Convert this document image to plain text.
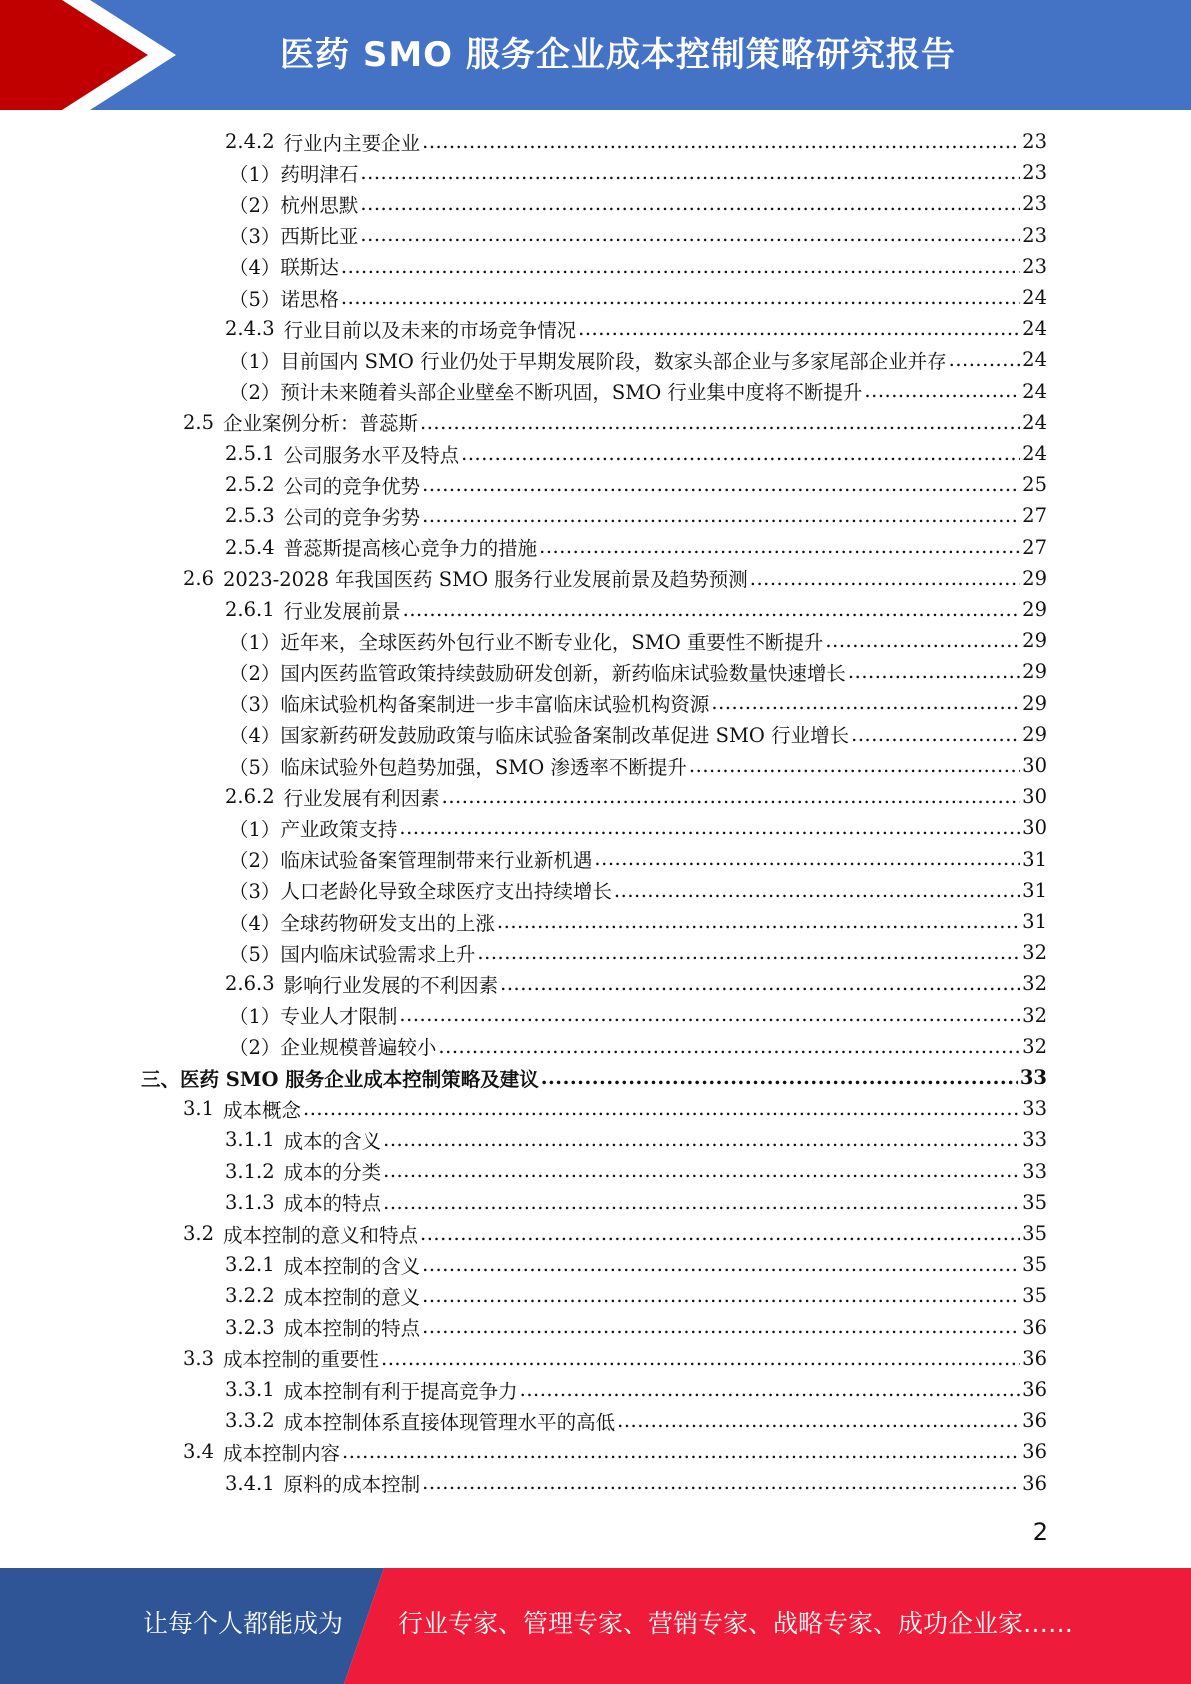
医药 SMO 服务企业成本控制策略研究报告
2.4.2 行业内主要企业 .....	23
（1）药明津石 .....	23
（2）杭州思默 .....	23
（3）西斯比亚 .....	23
（4）联斯达 .....	23
（5）诺思格 .....	24
2.4.3 行业目前以及未来的市场竞争情况 .....	24
（1）目前国内 SMO 行业仍处于早期发展阶段，数家头部企业与多家尾部企业并存 .....	24
（2）预计未来随着头部企业壁垒不断巩固，SMO 行业集中度将不断提升 .....	24
2.5 企业案例分析：普蕊斯 .....	24
2.5.1 公司服务水平及特点 .....	24
2.5.2 公司的竞争优势 .....	25
2.5.3 公司的竞争劣势 .....	27
2.5.4 普蕊斯提高核心竞争力的措施 .....	27
2.6 2023-2028 年我国医药 SMO 服务行业发展前景及趋势预测 .....	29
2.6.1 行业发展前景 .....	29
（1）近年来，全球医药外包行业不断专业化，SMO 重要性不断提升 .....	29
（2）国内医药监管政策持续鼓励研发创新，新药临床试验数量快速增长 .....	29
（3）临床试验机构备案制进一步丰富临床试验机构资源 .....	29
（4）国家新药研发鼓励政策与临床试验备案制改革促进 SMO 行业增长 .....	29
（5）临床试验外包趋势加强，SMO 渗透率不断提升 .....	30
2.6.2 行业发展有利因素 .....	30
（1）产业政策支持 .....	30
（2）临床试验备案管理制带来行业新机遇 .....	31
（3）人口老龄化导致全球医疗支出持续增长 .....	31
（4）全球药物研发支出的上涨 .....	31
（5）国内临床试验需求上升 .....	32
2.6.3 影响行业发展的不利因素 .....	32
（1）专业人才限制 .....	32
（2）企业规模普遍较小 .....	32
三、医药 SMO 服务企业成本控制策略及建议 .....	33
3.1 成本概念 .....	33
3.1.1 成本的含义 .....	33
3.1.2 成本的分类 .....	33
3.1.3 成本的特点 .....	35
3.2 成本控制的意义和特点 .....	35
3.2.1 成本控制的含义 .....	35
3.2.2 成本控制的意义 .....	35
3.2.3 成本控制的特点 .....	36
3.3 成本控制的重要性 .....	36
3.3.1 成本控制有利于提高竞争力 .....	36
3.3.2 成本控制体系直接体现管理水平的高低 .....	36
3.4 成本控制内容 .....	36
3.4.1 原料的成本控制 .....	36
2
让每个人都能成为 行业专家、管理专家、营销专家、战略专家、成功企业家……
